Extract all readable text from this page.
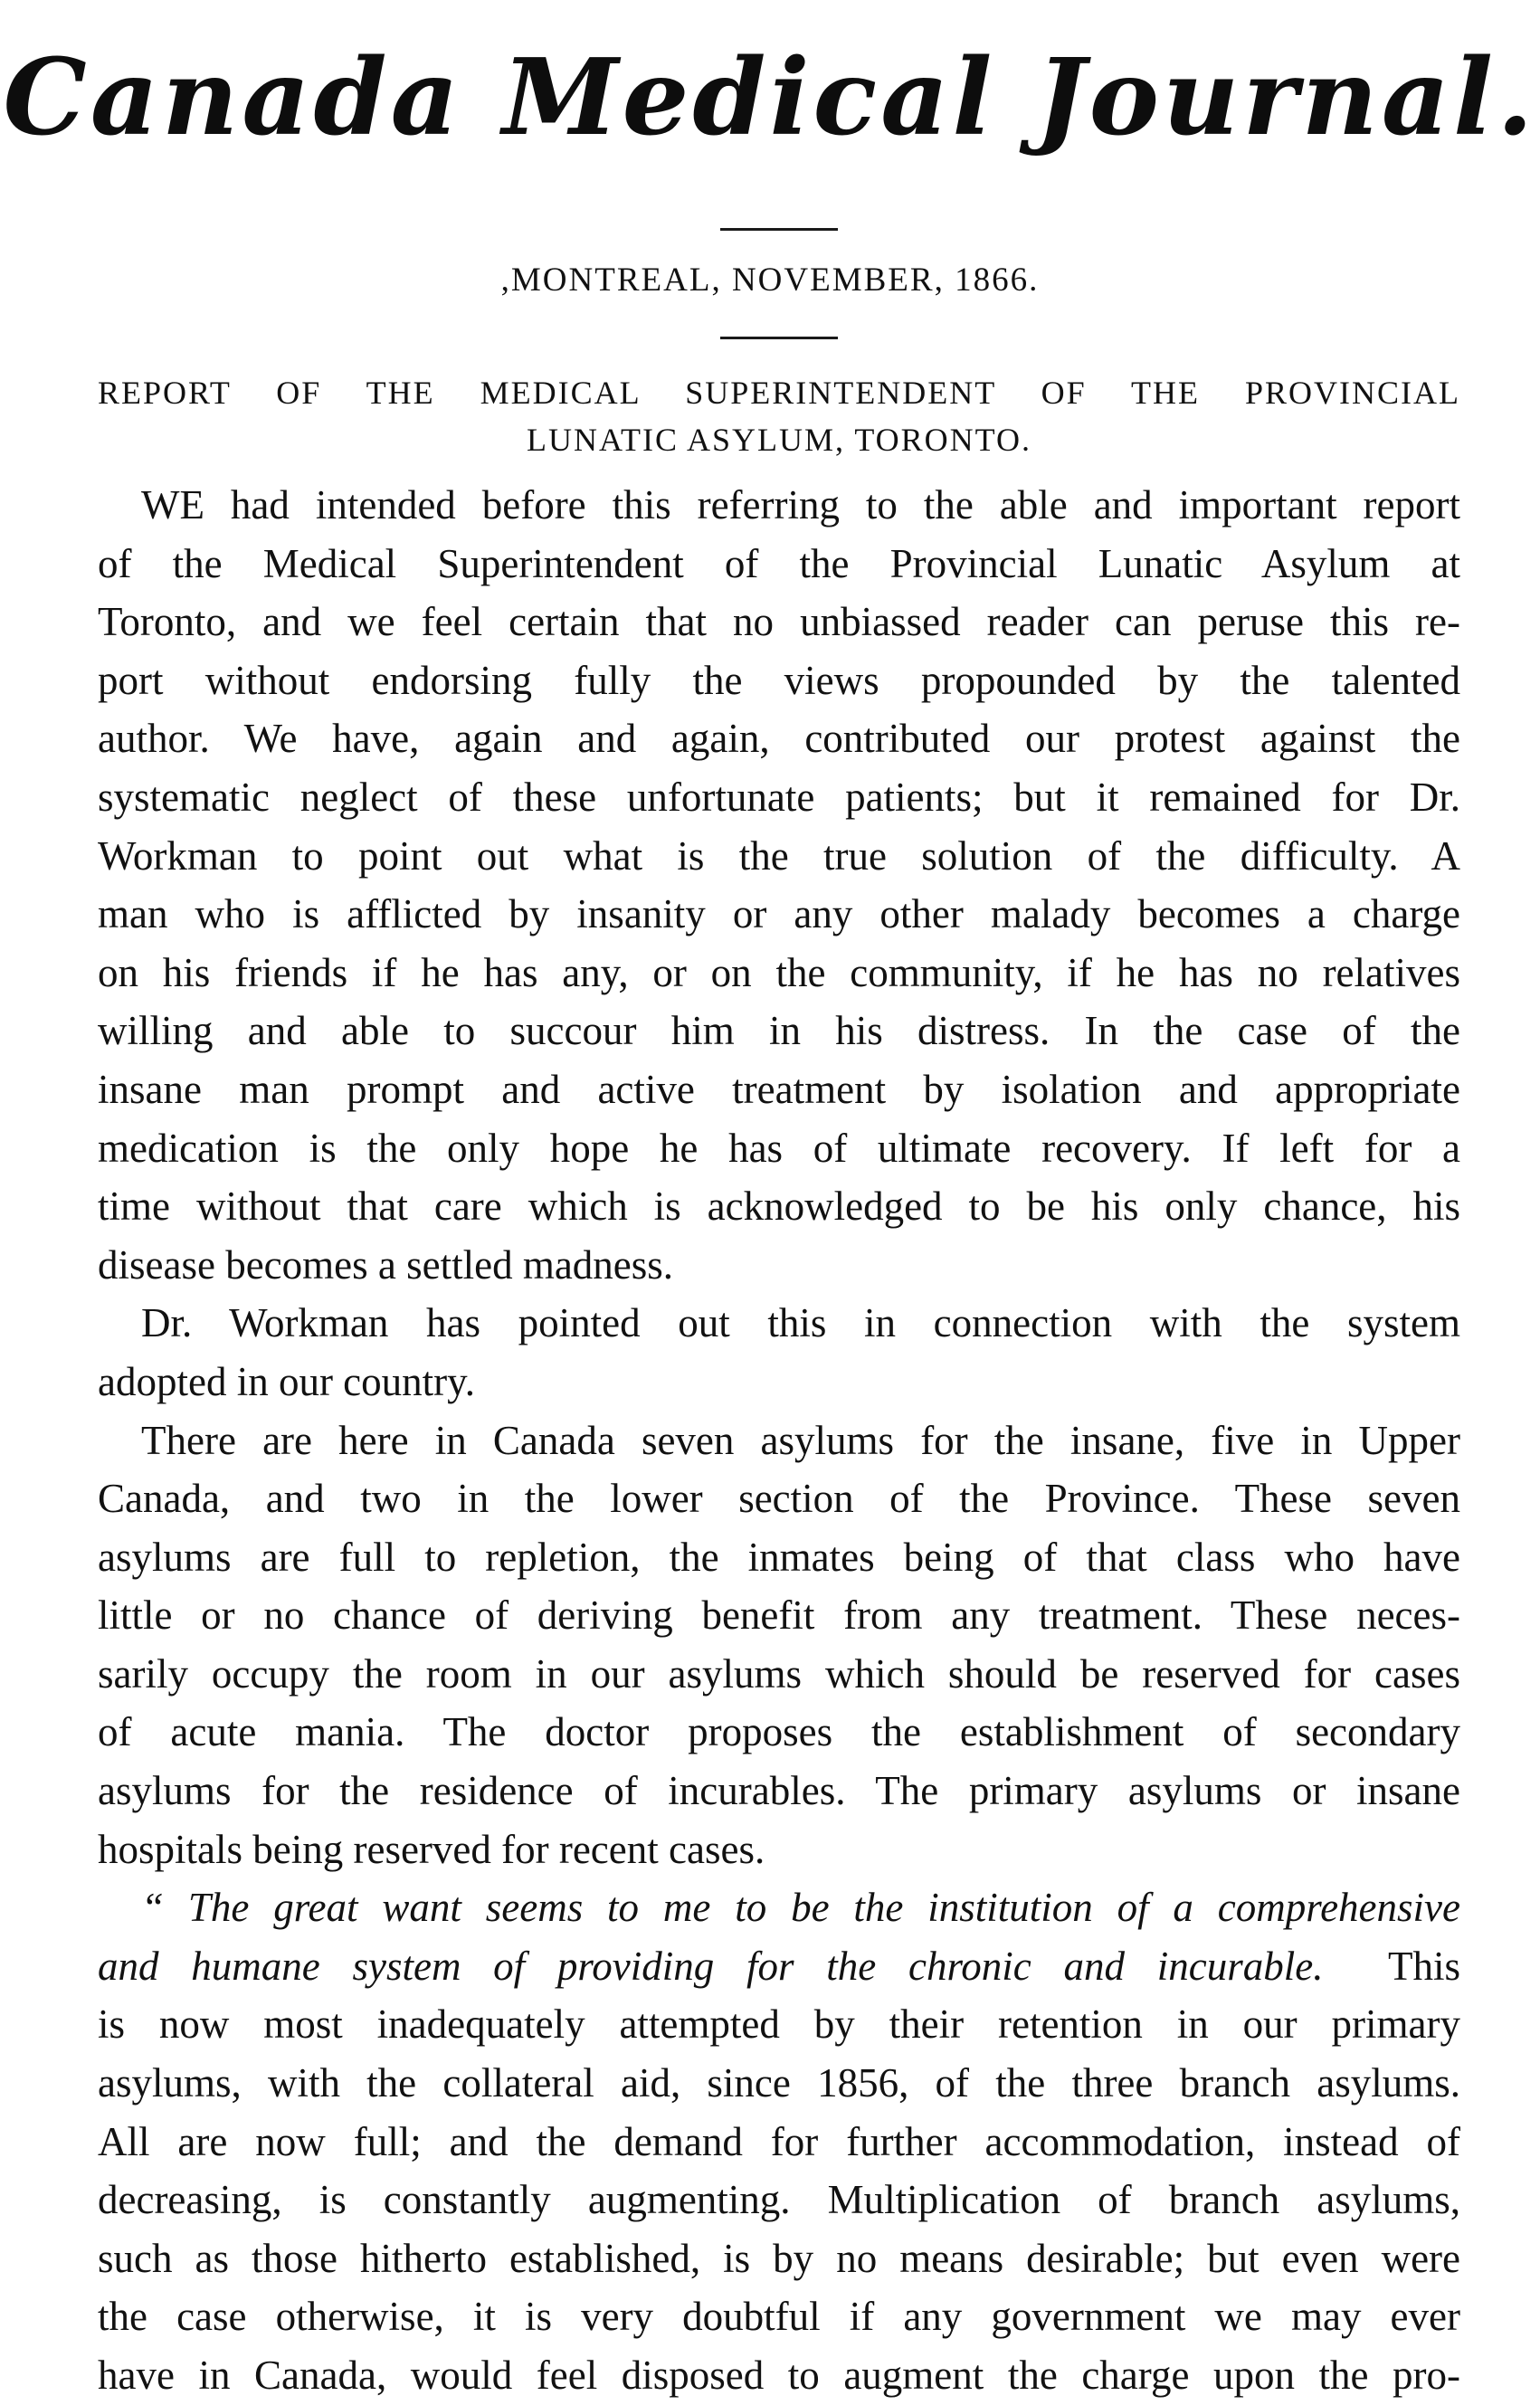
Canada Medical Journal.
,MONTREAL, NOVEMBER, 1866.
REPORT OF THE MEDICAL SUPERINTENDENT OF THE PROVINCIAL
LUNATIC ASYLUM, TORONTO.

WE had intended before this referring to the able and important report
of the Medical Superintendent of the Provincial Lunatic Asylum at
Toronto, and we feel certain that no unbiassed reader can peruse this re-
port without endorsing fully the views propounded by the talented
author. We have, again and again, contributed our protest against the
systematic neglect of these unfortunate patients; but it remained for Dr.
Workman to point out what is the true solution of the difficulty. A
man who is afflicted by insanity or any other malady becomes a charge
on his friends if he has any, or on the community, if he has no relatives
willing and able to succour him in his distress. In the case of the
insane man prompt and active treatment by isolation and appropriate
medication is the only hope he has of ultimate recovery. If left for a
time without that care which is acknowledged to be his only chance, his
disease becomes a settled madness.

Dr. Workman has pointed out this in connection with the system
adopted in our country.

There are here in Canada seven asylums for the insane, five in Upper
Canada, and two in the lower section of the Province. These seven
asylums are full to repletion, the inmates being of that class who have
little or no chance of deriving benefit from any treatment. These neces-
sarily occupy the room in our asylums which should be reserved for cases
of acute mania. The doctor proposes the establishment of secondary
asylums for the residence of incurables. The primary asylums or insane
hospitals being reserved for recent cases.

“ The great want seems to me to be the institution of a comprehensive
and humane system of providing for the chronic and incurable. This
is now most inadequately attempted by their retention in our primary
asylums, with the collateral aid, since 1856, of the three branch asylums.
All are now full; and the demand for further accommodation, instead of
decreasing, is constantly augmenting. Multiplication of branch asylums,
such as those hitherto established, is by no means desirable; but even were
the case otherwise, it is very doubtful if any government we may ever
have in Canada, would feel disposed to augment the charge upon the pro-
